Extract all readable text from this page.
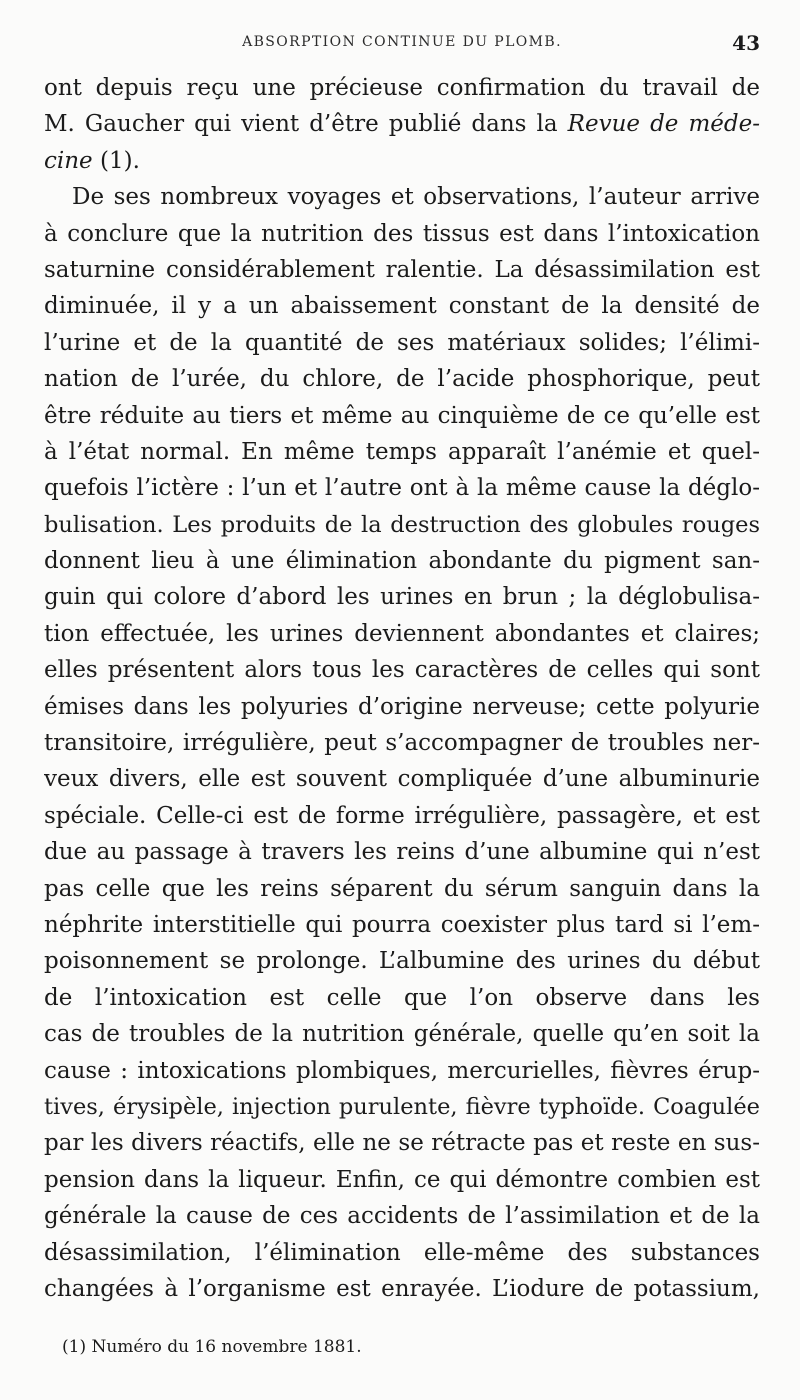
ABSORPTION CONTINUE DU PLOMB.	43
ont depuis reçu une précieuse confirmation du travail de
M. Gaucher qui vient d’être publié dans la Revue de méde-
cine (1).
De ses nombreux voyages et observations, l’auteur arrive
à conclure que la nutrition des tissus est dans l’intoxication
saturnine considérablement ralentie. La désassimilation est
diminuée, il y a un abaissement constant de la densité de
l’urine et de la quantité de ses matériaux solides; l’élimi-
nation de l’urée, du chlore, de l’acide phosphorique, peut
être réduite au tiers et même au cinquième de ce qu’elle est
à l’état normal. En même temps apparaît l’anémie et quel-
quefois l’ictère : l’un et l’autre ont à la même cause la déglo-
bulisation. Les produits de la destruction des globules rouges
donnent lieu à une élimination abondante du pigment san-
guin qui colore d’abord les urines en brun ; la déglobulisa-
tion effectuée, les urines deviennent abondantes et claires;
elles présentent alors tous les caractères de celles qui sont
émises dans les polyuries d’origine nerveuse; cette polyurie
transitoire, irrégulière, peut s’accompagner de troubles ner-
veux divers, elle est souvent compliquée d’une albuminurie
spéciale. Celle-ci est de forme irrégulière, passagère, et est
due au passage à travers les reins d’une albumine qui n’est
pas celle que les reins séparent du sérum sanguin dans la
néphrite interstitielle qui pourra coexister plus tard si l’em-
poisonnement se prolonge. L’albumine des urines du début
de l’intoxication est celle que l’on observe dans les
cas de troubles de la nutrition générale, quelle qu’en soit la
cause : intoxications plombiques, mercurielles, fièvres érup-
tives, érysipèle, injection purulente, fièvre typhoïde. Coagulée
par les divers réactifs, elle ne se rétracte pas et reste en sus-
pension dans la liqueur. Enfin, ce qui démontre combien est
générale la cause de ces accidents de l’assimilation et de la
désassimilation, l’élimination elle-même des substances
changées à l’organisme est enrayée. L’iodure de potassium,
(1) Numéro du 16 novembre 1881.
